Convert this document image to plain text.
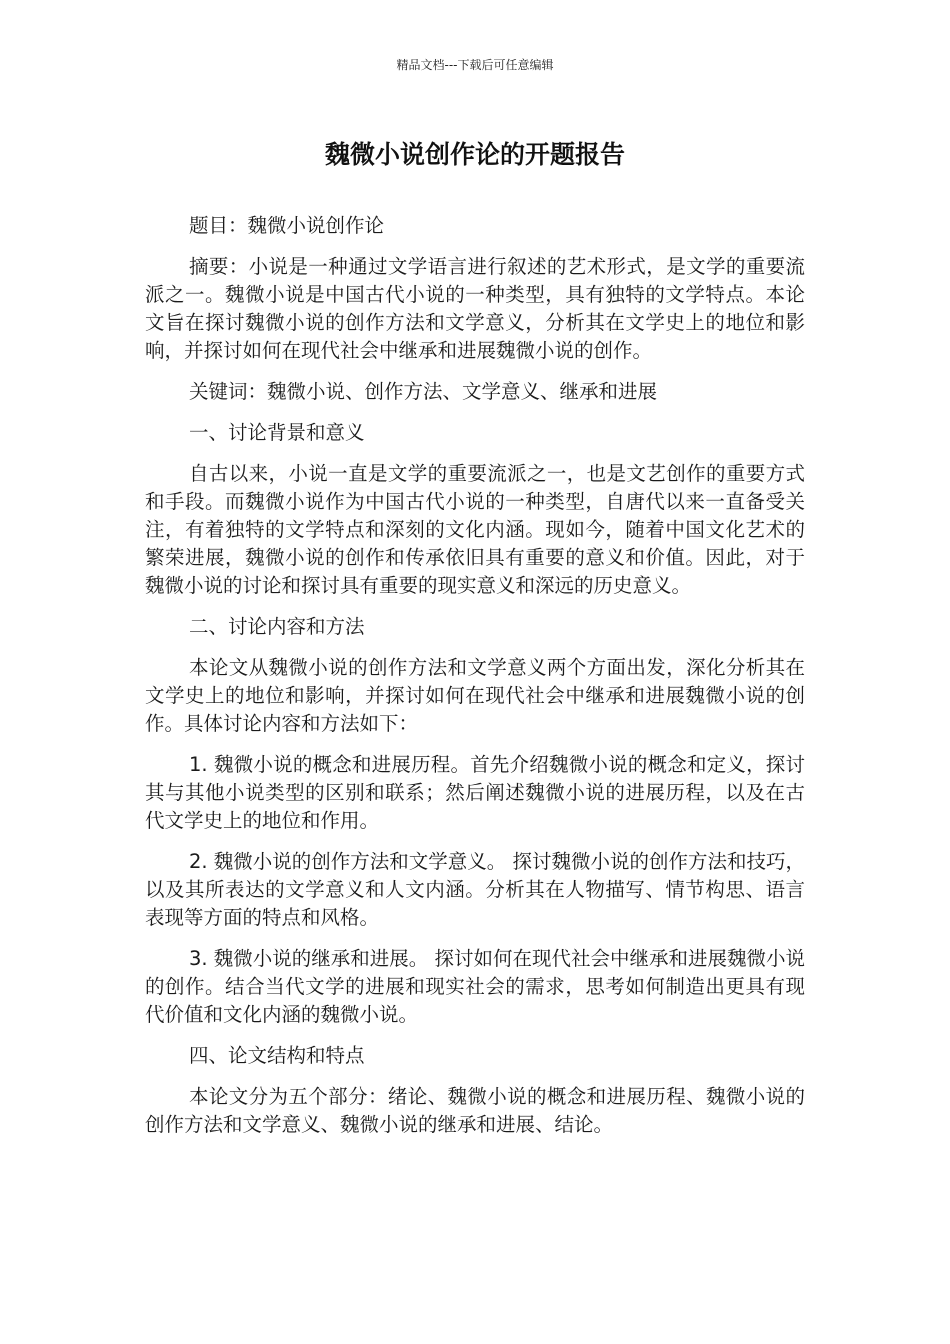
精品文档---下载后可任意编辑
魏微小说创作论的开题报告

题目：魏微小说创作论

摘要：小说是一种通过文学语言进行叙述的艺术形式，是文学的重要流派之一。魏微小说是中国古代小说的一种类型，具有独特的文学特点。本论文旨在探讨魏微小说的创作方法和文学意义，分析其在文学史上的地位和影响，并探讨如何在现代社会中继承和进展魏微小说的创作。

关键词：魏微小说、创作方法、文学意义、继承和进展

一、讨论背景和意义

自古以来，小说一直是文学的重要流派之一，也是文艺创作的重要方式和手段。而魏微小说作为中国古代小说的一种类型，自唐代以来一直备受关注，有着独特的文学特点和深刻的文化内涵。现如今，随着中国文化艺术的繁荣进展，魏微小说的创作和传承依旧具有重要的意义和价值。因此，对于魏微小说的讨论和探讨具有重要的现实意义和深远的历史意义。

二、讨论内容和方法

本论文从魏微小说的创作方法和文学意义两个方面出发，深化分析其在文学史上的地位和影响，并探讨如何在现代社会中继承和进展魏微小说的创作。具体讨论内容和方法如下：

1. 魏微小说的概念和进展历程。首先介绍魏微小说的概念和定义，探讨其与其他小说类型的区别和联系；然后阐述魏微小说的进展历程，以及在古代文学史上的地位和作用。

2. 魏微小说的创作方法和文学意义。 探讨魏微小说的创作方法和技巧，以及其所表达的文学意义和人文内涵。分析其在人物描写、情节构思、语言表现等方面的特点和风格。

3. 魏微小说的继承和进展。 探讨如何在现代社会中继承和进展魏微小说的创作。结合当代文学的进展和现实社会的需求，思考如何制造出更具有现代价值和文化内涵的魏微小说。

四、论文结构和特点

本论文分为五个部分：绪论、魏微小说的概念和进展历程、魏微小说的创作方法和文学意义、魏微小说的继承和进展、结论。
